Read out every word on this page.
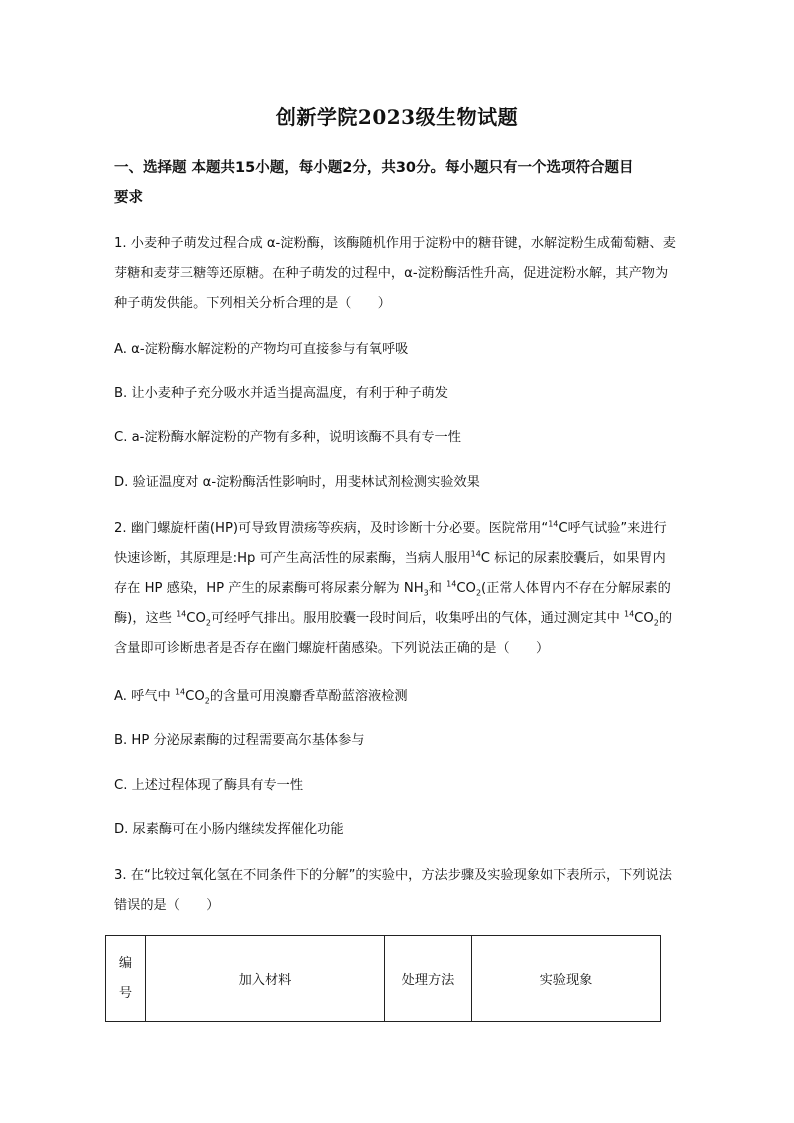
创新学院2023级生物试题
一、选择题 本题共15小题，每小题2分，共30分。每小题只有一个选项符合题目
要求
1. 小麦种子萌发过程合成 α-淀粉酶，该酶随机作用于淀粉中的糖苷键，水解淀粉生成葡萄糖、麦
芽糖和麦芽三糖等还原糖。在种子萌发的过程中，α-淀粉酶活性升高，促进淀粉水解，其产物为
种子萌发供能。下列相关分析合理的是（　　）
A. α-淀粉酶水解淀粉的产物均可直接参与有氧呼吸
B. 让小麦种子充分吸水并适当提高温度，有利于种子萌发
C. a-淀粉酶水解淀粉的产物有多种，说明该酶不具有专一性
D. 验证温度对 α-淀粉酶活性影响时，用斐林试剂检测实验效果
2. 幽门螺旋杆菌(HP)可导致胃溃疡等疾病，及时诊断十分必要。医院常用“$^{14}$C呼气试验”来进行
快速诊断，其原理是:Hp 可产生高活性的尿素酶，当病人服用$^{14}$C 标记的尿素胶囊后，如果胃内
存在 HP 感染，HP 产生的尿素酶可将尿素分解为 $NH_3$和 $^{14}CO_2$(正常人体胃内不存在分解尿素的
酶)，这些 $^{14}CO_2$可经呼气排出。服用胶囊一段时间后，收集呼出的气体，通过测定其中 $^{14}CO_2$的
含量即可诊断患者是否存在幽门螺旋杆菌感染。下列说法正确的是（　　）
A. 呼气中 $^{14}CO_2$的含量可用溴麝香草酚蓝溶液检测
B. HP 分泌尿素酶的过程需要高尔基体参与
C. 上述过程体现了酶具有专一性
D. 尿素酶可在小肠内继续发挥催化功能
3. 在“比较过氧化氢在不同条件下的分解”的实验中，方法步骤及实验现象如下表所示，下列说法
错误的是（　　）
编
号
	加入材料	处理方法	实验现象
